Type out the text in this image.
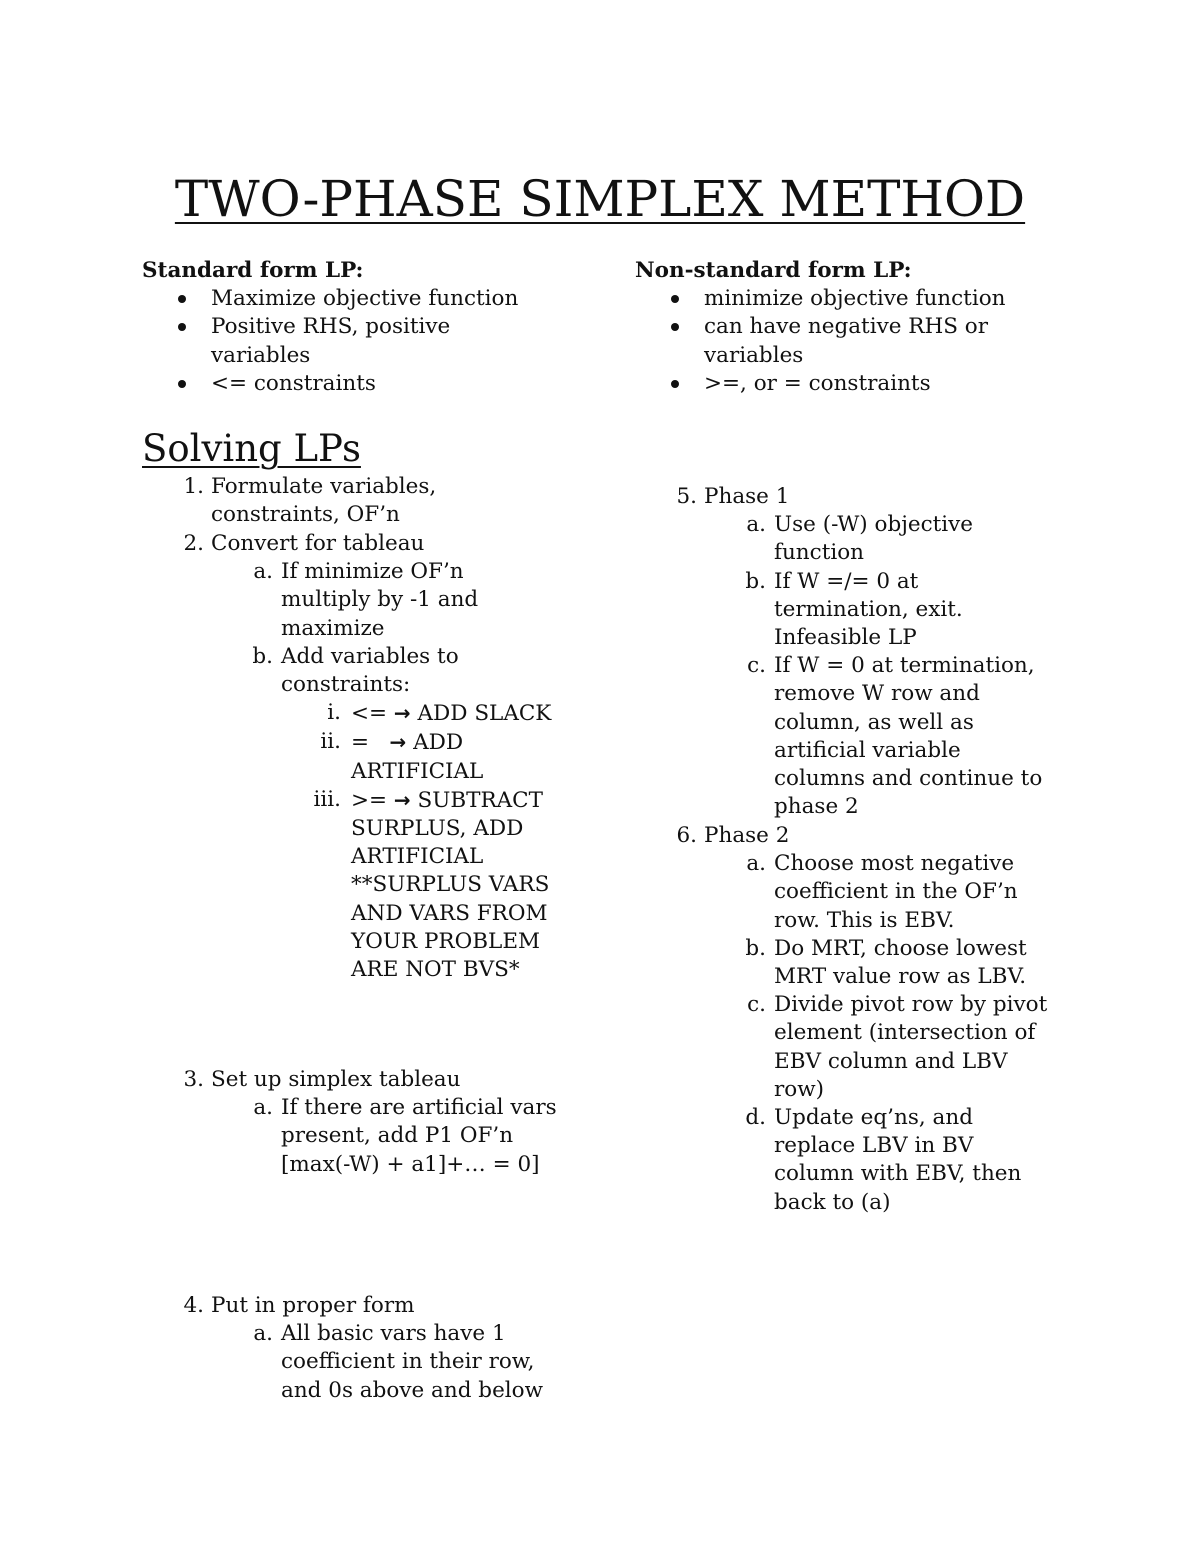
TWO-PHASE SIMPLEX METHOD
Standard form LP:
Maximize objective function
Positive RHS, positive variables
<= constraints
Non-standard form LP:
minimize objective function
can have negative RHS or variables
>=, or = constraints
Solving LPs
1. Formulate variables, constraints, OF’n
2. Convert for tableau
a. If minimize OF’n multiply by -1 and maximize
b. Add variables to constraints:
i. <= → ADD SLACK
ii. = → ADD ARTIFICIAL
iii. >= → SUBTRACT SURPLUS, ADD ARTIFICIAL **SURPLUS VARS AND VARS FROM YOUR PROBLEM ARE NOT BVS*
3. Set up simplex tableau
a. If there are artificial vars present, add P1 OF’n [max(-W) + a1]+… = 0]
4. Put in proper form
a. All basic vars have 1 coefficient in their row, and 0s above and below
5. Phase 1
a. Use (-W) objective function
b. If W =/= 0 at termination, exit. Infeasible LP
c. If W = 0 at termination, remove W row and column, as well as artificial variable columns and continue to phase 2
6. Phase 2
a. Choose most negative coefficient in the OF’n row. This is EBV.
b. Do MRT, choose lowest MRT value row as LBV.
c. Divide pivot row by pivot element (intersection of EBV column and LBV row)
d. Update eq’ns, and replace LBV in BV column with EBV, then back to (a)
